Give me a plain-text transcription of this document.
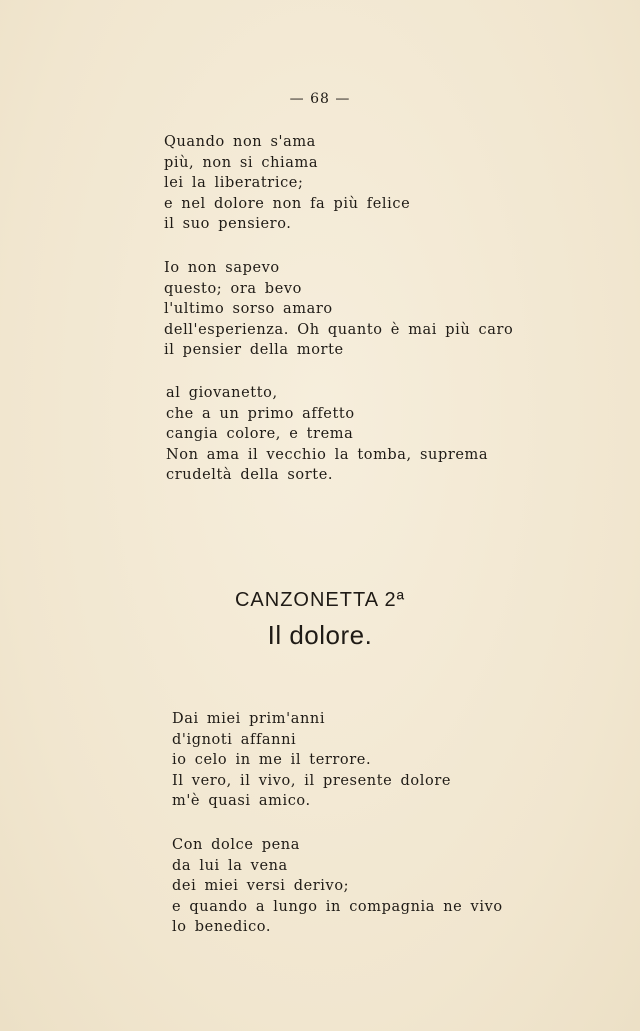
— 68 —
Quando non s'ama
più, non si chiama
lei la liberatrice;
e nel dolore non fa più felice
il suo pensiero.
Io non sapevo
questo; ora bevo
l'ultimo sorso amaro
dell'esperienza. Oh quanto è mai più caro
il pensier della morte
al giovanetto,
che a un primo affetto
cangia colore, e trema
Non ama il vecchio la tomba, suprema
crudeltà della sorte.
CANZONETTA 2ª
Il dolore.
Dai miei prim'anni
d'ignoti affanni
io celo in me il terrore.
Il vero, il vivo, il presente dolore
m'è quasi amico.
Con dolce pena
da lui la vena
dei miei versi derivo;
e quando a lungo in compagnia ne vivo
lo benedico.
